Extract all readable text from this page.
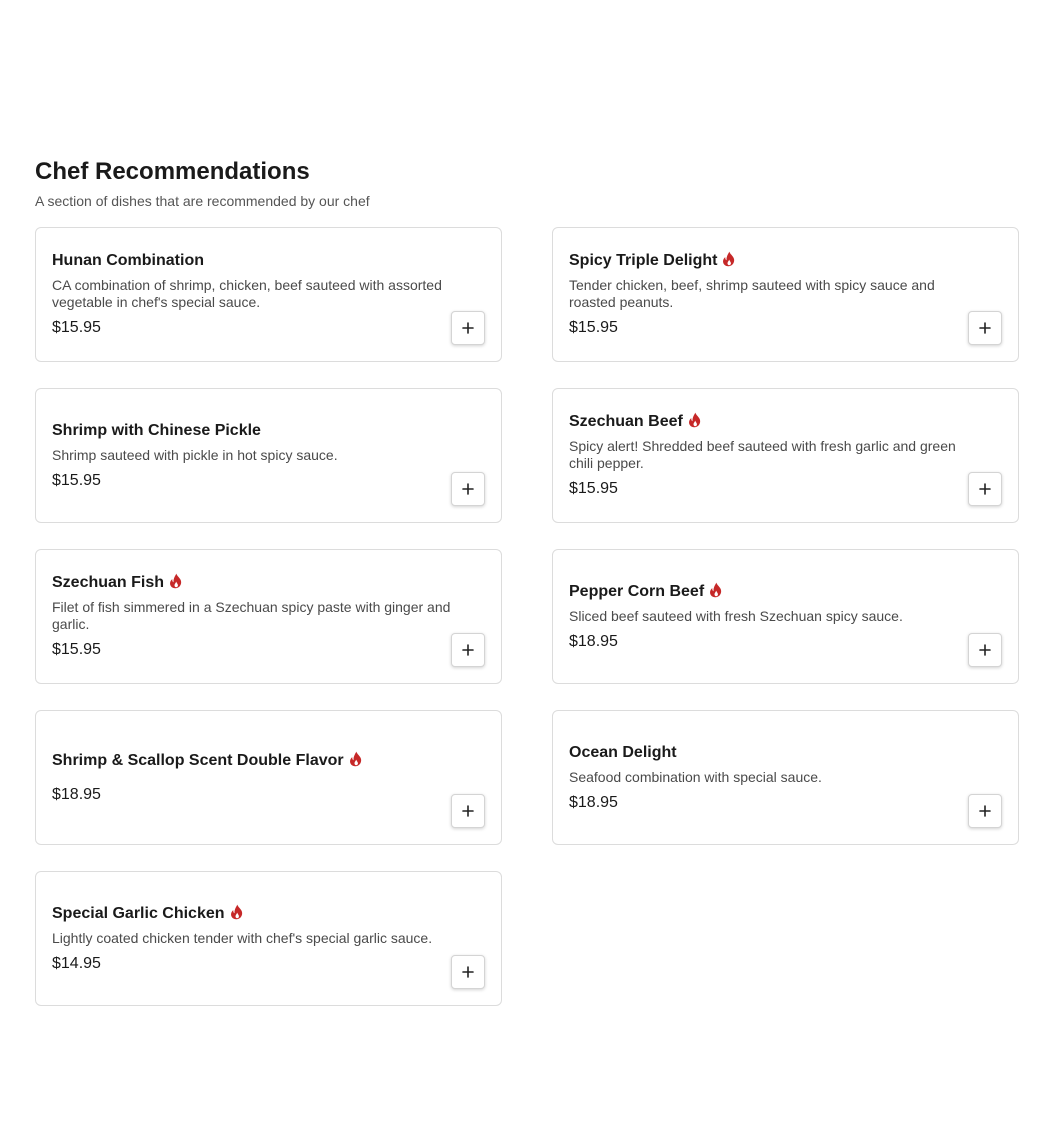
Chef Recommendations

A section of dishes that are recommended by our chef

Hunan Combination
CA combination of shrimp, chicken, beef sauteed with assorted vegetable in chef's special sauce.
$15.95
Spicy Triple Delight
Tender chicken, beef, shrimp sauteed with spicy sauce and roasted peanuts.
$15.95
Shrimp with Chinese Pickle
Shrimp sauteed with pickle in hot spicy sauce.
$15.95
Szechuan Beef
Spicy alert! Shredded beef sauteed with fresh garlic and green chili pepper.
$15.95
Szechuan Fish
Filet of fish simmered in a Szechuan spicy paste with ginger and garlic.
$15.95
Pepper Corn Beef
Sliced beef sauteed with fresh Szechuan spicy sauce.
$18.95
Shrimp & Scallop Scent Double Flavor
$18.95
Ocean Delight
Seafood combination with special sauce.
$18.95
Special Garlic Chicken
Lightly coated chicken tender with chef's special garlic sauce.
$14.95
